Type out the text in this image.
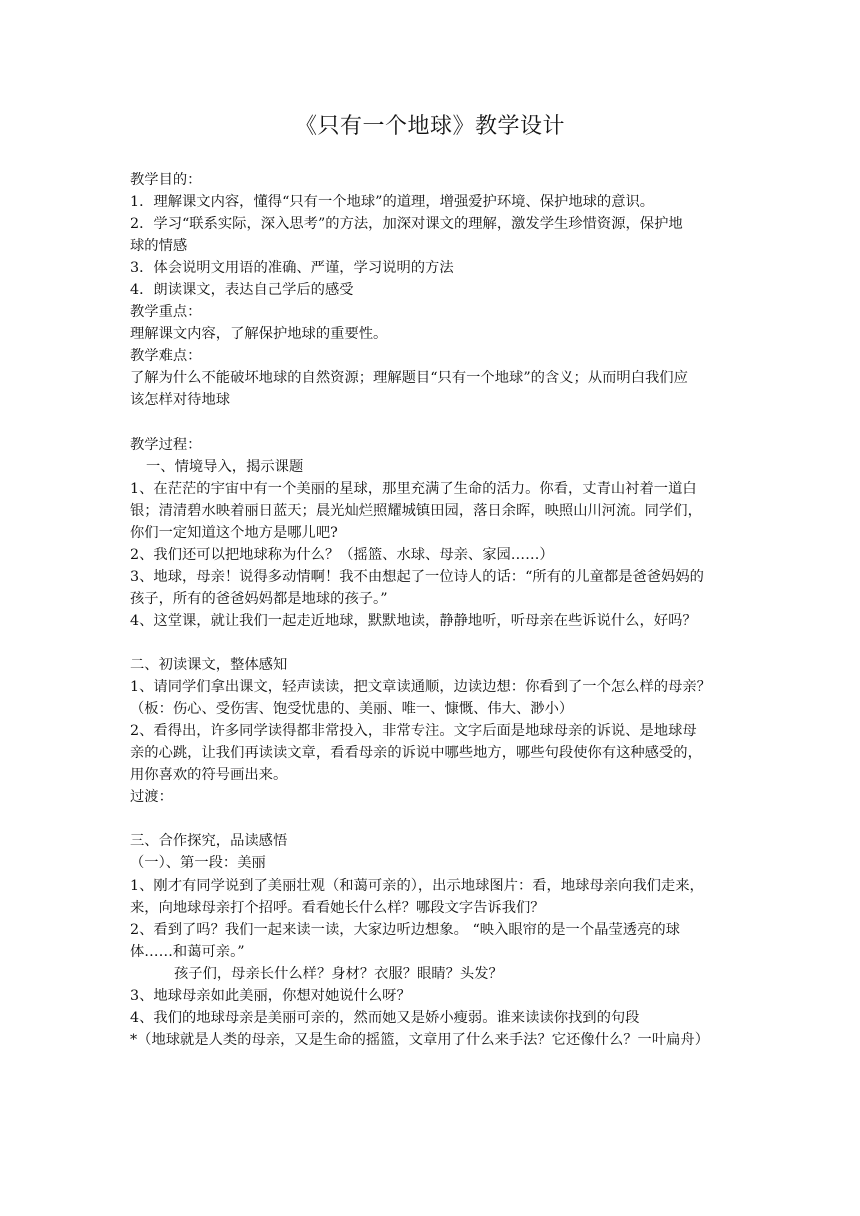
《只有一个地球》教学设计
教学目的：
1．理解课文内容，懂得“只有一个地球”的道理，增强爱护环境、保护地球的意识。
2．学习“联系实际，深入思考”的方法，加深对课文的理解，激发学生珍惜资源，保护地
球的情感
3．体会说明文用语的准确、严谨，学习说明的方法
4．朗读课文，表达自己学后的感受
教学重点：
理解课文内容，了解保护地球的重要性。
教学难点：
了解为什么不能破坏地球的自然资源；理解题目“只有一个地球”的含义；从而明白我们应
该怎样对待地球
教学过程：
一、情境导入，揭示课题
1、在茫茫的宇宙中有一个美丽的星球，那里充满了生命的活力。你看，丈青山衬着一道白
银；清清碧水映着丽日蓝天；晨光灿烂照耀城镇田园，落日余晖，映照山川河流。同学们，
你们一定知道这个地方是哪儿吧?
2、我们还可以把地球称为什么？（摇篮、水球、母亲、家园……）
3、地球，母亲！说得多动情啊！我不由想起了一位诗人的话：“所有的儿童都是爸爸妈妈的
孩子，所有的爸爸妈妈都是地球的孩子。”
4、这堂课，就让我们一起走近地球，默默地读，静静地听，听母亲在些诉说什么，好吗？
二、初读课文，整体感知
1、请同学们拿出课文，轻声读读，把文章读通顺，边读边想：你看到了一个怎么样的母亲？
（板：伤心、受伤害、饱受忧患的、美丽、唯一、慷慨、伟大、渺小）
2、看得出，许多同学读得都非常投入，非常专注。文字后面是地球母亲的诉说、是地球母
亲的心跳，让我们再读读文章，看看母亲的诉说中哪些地方，哪些句段使你有这种感受的，
用你喜欢的符号画出来。
过渡：
三、合作探究，品读感悟
（一）、第一段：美丽
1、刚才有同学说到了美丽壮观（和蔼可亲的），出示地球图片：看，地球母亲向我们走来，
来，向地球母亲打个招呼。看看她长什么样？哪段文字告诉我们？
2、看到了吗？我们一起来读一读，大家边听边想象。 “映入眼帘的是一个晶莹透亮的球
体……和蔼可亲。”
孩子们，母亲长什么样？身材？衣服？眼睛？头发？
3、地球母亲如此美丽，你想对她说什么呀？
4、我们的地球母亲是美丽可亲的，然而她又是娇小瘦弱。谁来读读你找到的句段
*（地球就是人类的母亲，又是生命的摇篮，文章用了什么来手法？它还像什么？一叶扁舟）
